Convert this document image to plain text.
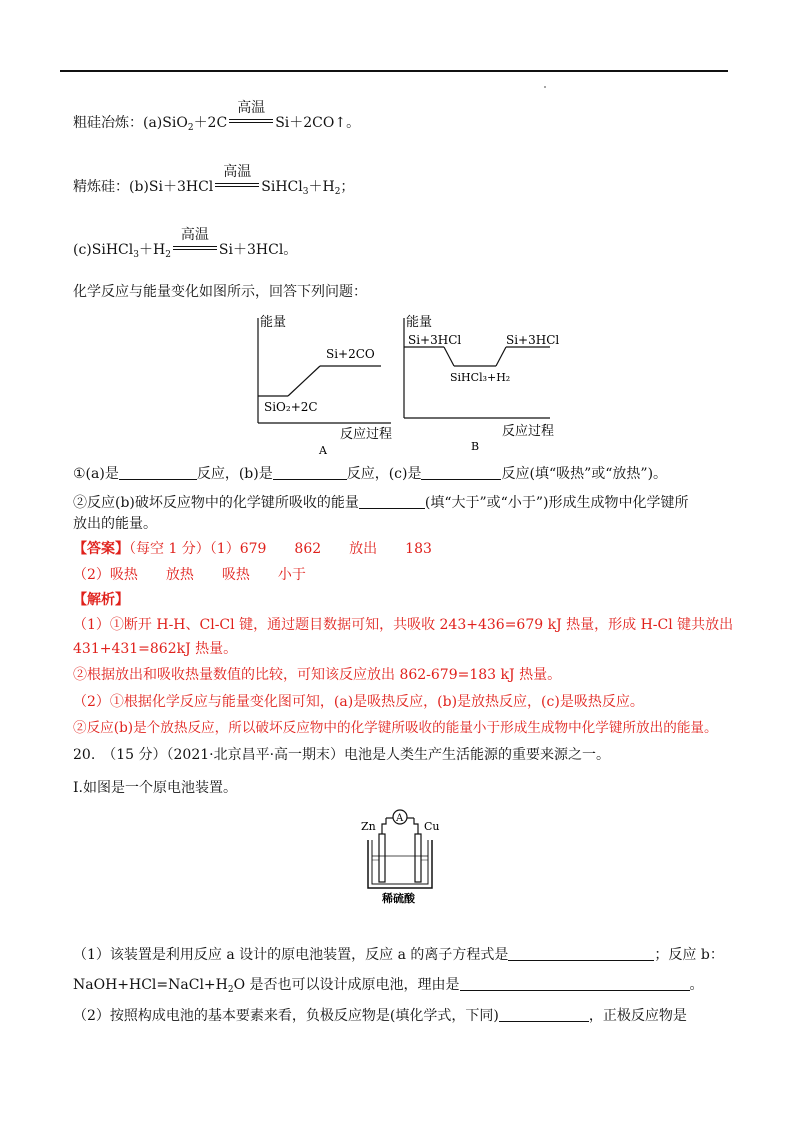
粗硅冶炼：(a)SiO$_2$＋2C
高温
Si＋2CO↑。
精炼硅：(b)Si＋3HCl
高温
$SiHCl_3+H_2$；
$(c)SiHCl_3+H_2$
高温
Si＋3HCl。
化学反应与能量变化如图所示，回答下列问题：
能量
SiO₂+2C
Si+2CO
反应过程
A
能量
Si+3HCl	Si+3HCl
SiHCl₃+H₂
反应过程
B
①(a)是	反应，(b)是	反应，(c)是	反应(填“吸热”或“放热”)。
②反应(b)破坏反应物中的化学键所吸收的能量	(填“大于”或“小于”)形成生成物中化学键所
放出的能量。
【答案】（每空 1 分）（1）679　　862　　放出　　183
（2）吸热　　放热　　吸热　　小于
【解析】
（1）①断开 H-H、Cl-Cl 键，通过题目数据可知，共吸收 243+436=679 kJ 热量，形成 H-Cl 键共放出
431+431=862kJ 热量。
②根据放出和吸收热量数值的比较，可知该反应放出 862-679=183 kJ 热量。
（2）①根据化学反应与能量变化图可知，(a)是吸热反应，(b)是放热反应，(c)是吸热反应。
②反应(b)是个放热反应，所以破坏反应物中的化学键所吸收的能量小于形成生成物中化学键所放出的能量。
20.　（15 分）（2021·北京昌平·高一期末）电池是人类生产生活能源的重要来源之一。
I.如图是一个原电池装置。
Zn	Cu
A
稀硫酸
（1）该装置是利用反应 a 设计的原电池装置，反应 a 的离子方程式是	；反应 b：
$NaOH+HCl=NaCl+H_2O$ 是否也可以设计成原电池，理由是	。
（2）按照构成电池的基本要素来看，负极反应物是(填化学式，下同)	，正极反应物是
